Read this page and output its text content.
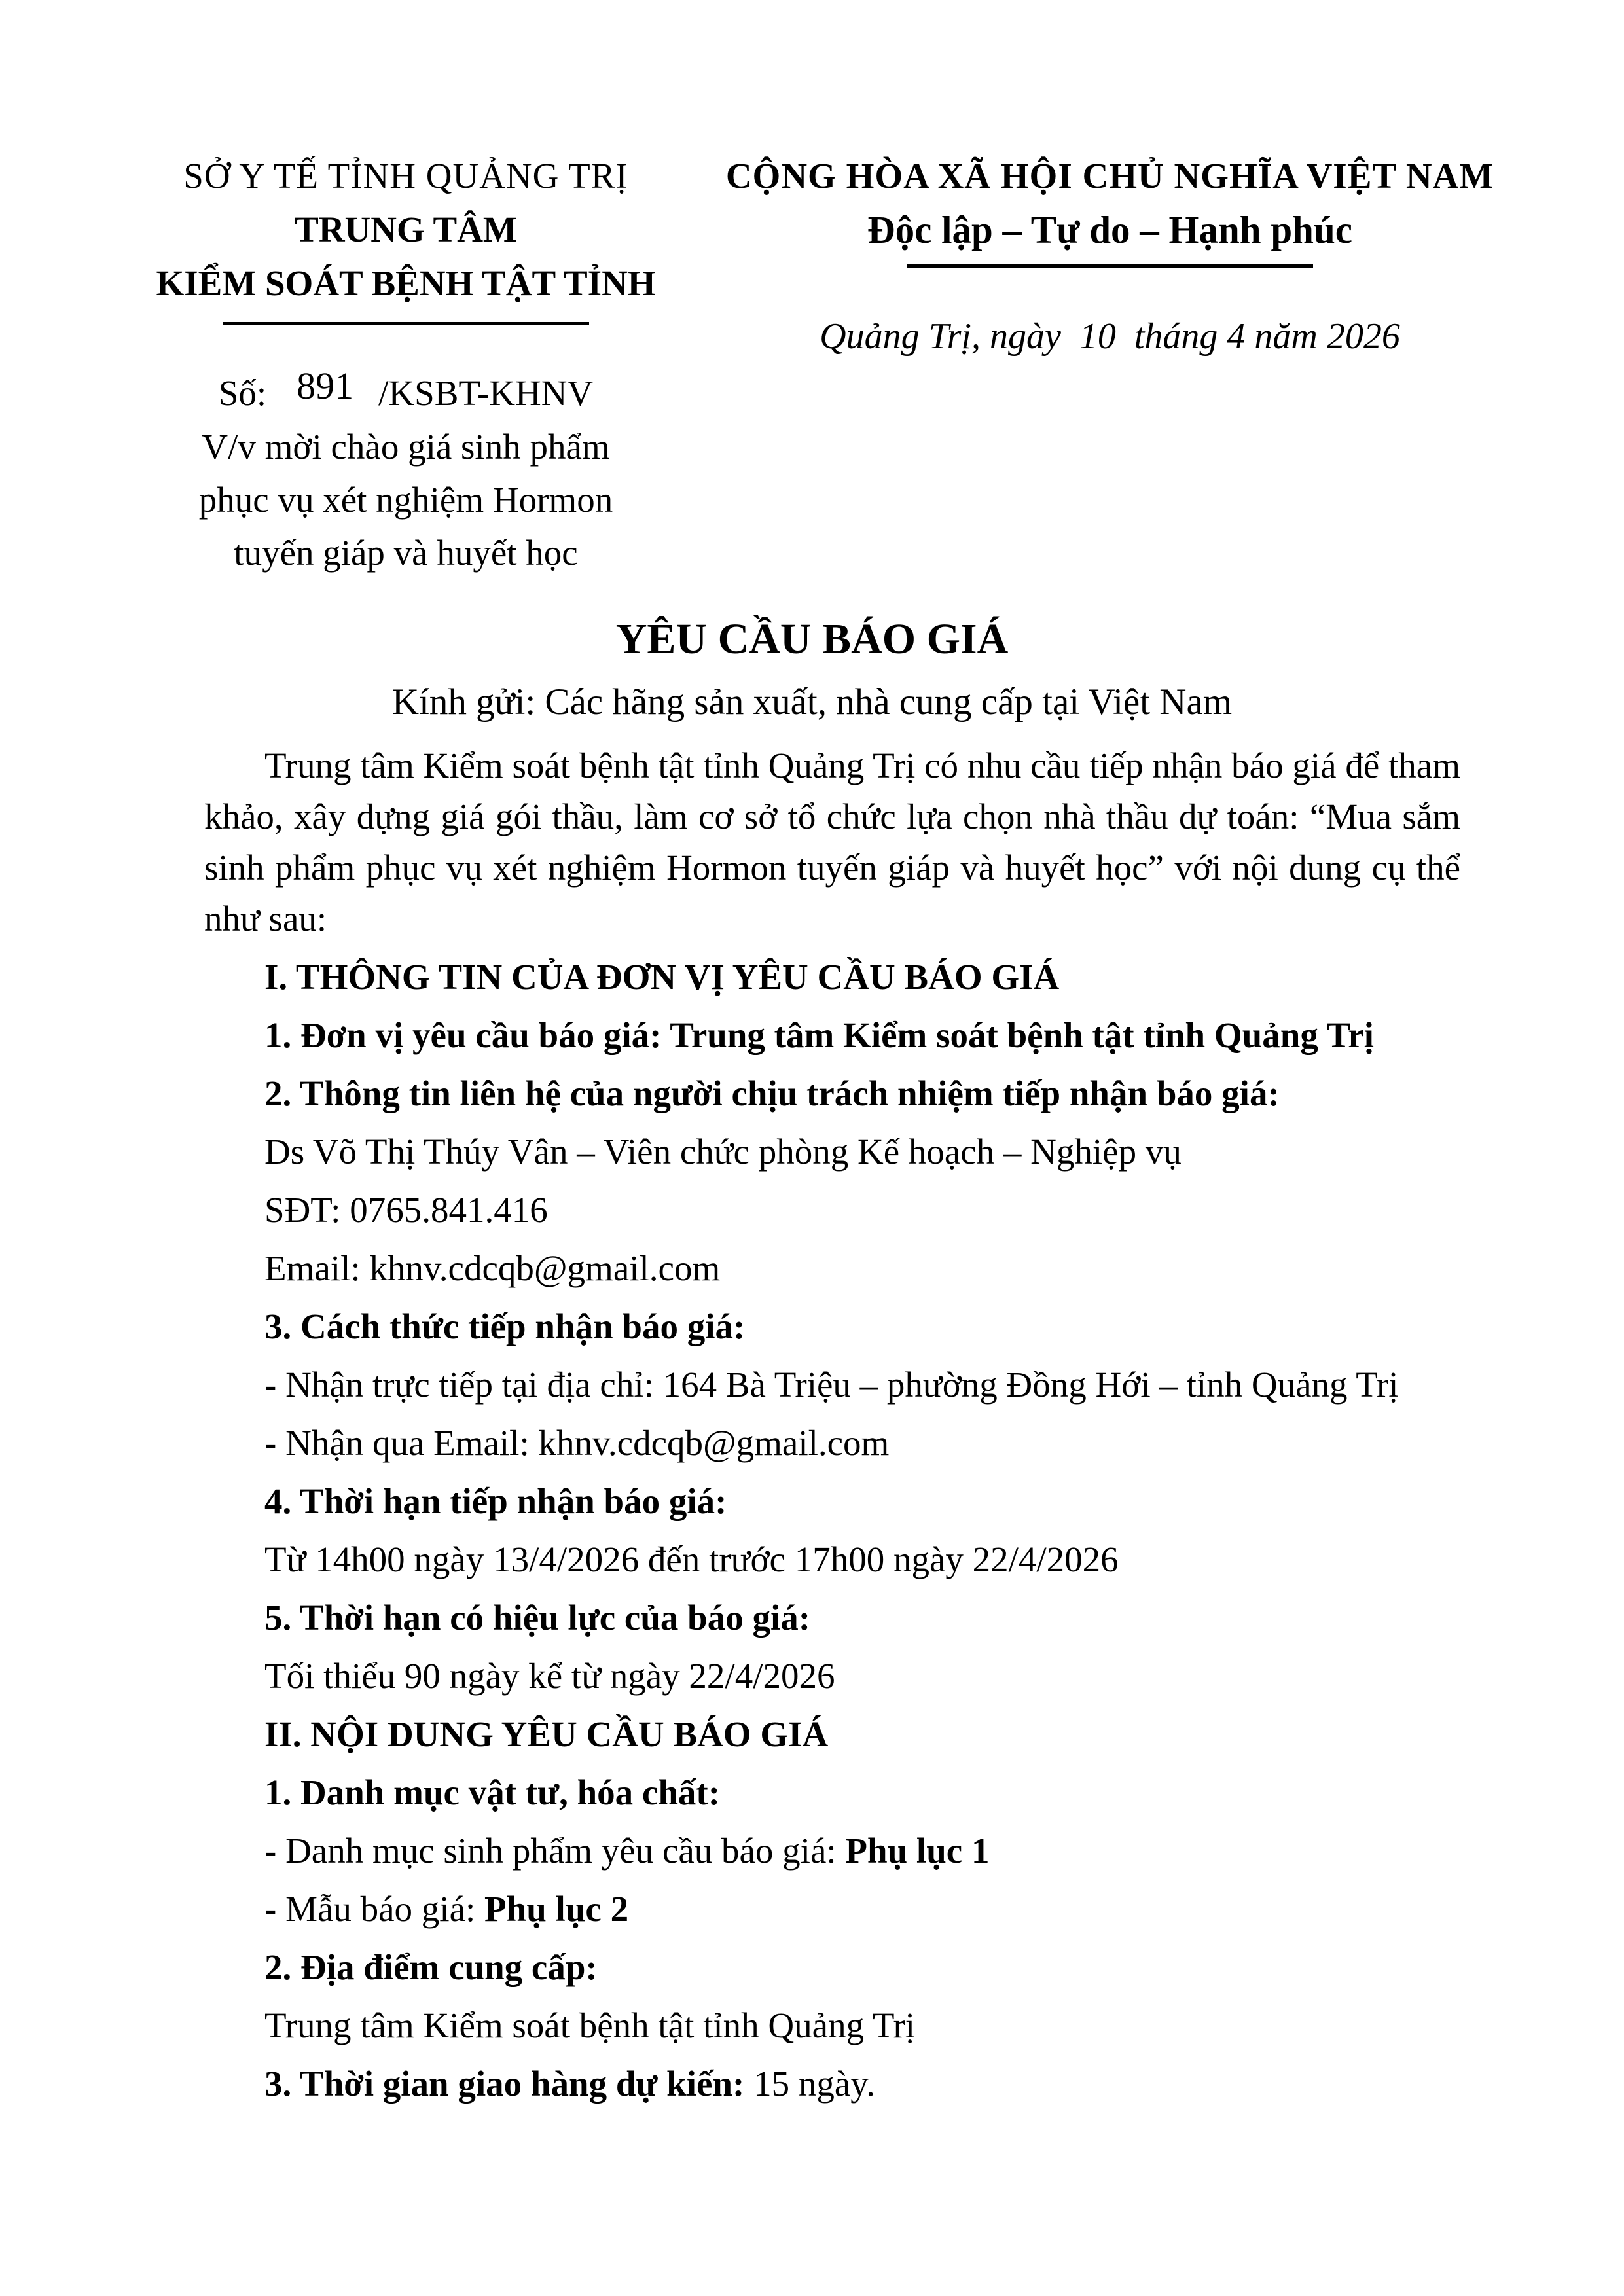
SỞ Y TẾ TỈNH QUẢNG TRỊ
TRUNG TÂM
KIỂM SOÁT BỆNH TẬT TỈNH
Số: 891 /KSBT-KHNV
V/v mời chào giá sinh phẩm
phục vụ xét nghiệm Hormon
tuyến giáp và huyết học
CỘNG HÒA XÃ HỘI CHỦ NGHĨA VIỆT NAM
Độc lập – Tự do – Hạnh phúc
Quảng Trị, ngày  10  tháng 4 năm 2026
YÊU CẦU BÁO GIÁ
Kính gửi: Các hãng sản xuất, nhà cung cấp tại Việt Nam

Trung tâm Kiểm soát bệnh tật tỉnh Quảng Trị có nhu cầu tiếp nhận báo giá để tham khảo, xây dựng giá gói thầu, làm cơ sở tổ chức lựa chọn nhà thầu dự toán: “Mua sắm sinh phẩm phục vụ xét nghiệm Hormon tuyến giáp và huyết học” với nội dung cụ thể như sau:

I. THÔNG TIN CỦA ĐƠN VỊ YÊU CẦU BÁO GIÁ

1. Đơn vị yêu cầu báo giá: Trung tâm Kiểm soát bệnh tật tỉnh Quảng Trị

2. Thông tin liên hệ của người chịu trách nhiệm tiếp nhận báo giá:

Ds Võ Thị Thúy Vân – Viên chức phòng Kế hoạch – Nghiệp vụ

SĐT: 0765.841.416

Email: khnv.cdcqb@gmail.com

3. Cách thức tiếp nhận báo giá:

- Nhận trực tiếp tại địa chỉ: 164 Bà Triệu – phường Đồng Hới – tỉnh Quảng Trị

- Nhận qua Email: khnv.cdcqb@gmail.com

4. Thời hạn tiếp nhận báo giá:

Từ 14h00 ngày 13/4/2026 đến trước 17h00 ngày 22/4/2026

5. Thời hạn có hiệu lực của báo giá:

Tối thiểu 90 ngày kể từ ngày 22/4/2026

II. NỘI DUNG YÊU CẦU BÁO GIÁ

1. Danh mục vật tư, hóa chất:

- Danh mục sinh phẩm yêu cầu báo giá: Phụ lục 1

- Mẫu báo giá: Phụ lục 2

2. Địa điểm cung cấp:

Trung tâm Kiểm soát bệnh tật tỉnh Quảng Trị

3. Thời gian giao hàng dự kiến: 15 ngày.
